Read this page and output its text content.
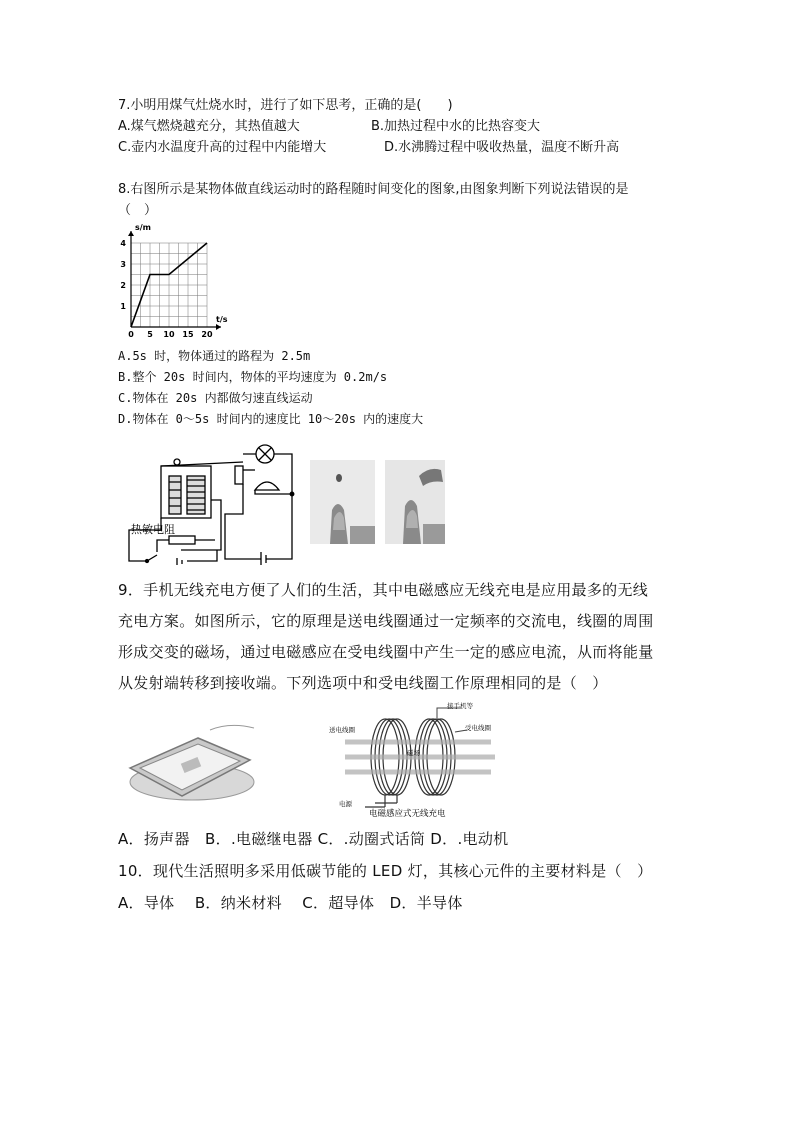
7.小明用煤气灶烧水时，进行了如下思考，正确的是(　　)
A.煤气燃烧越充分，其热值越大	B.加热过程中水的比热容变大
C.壶内水温度升高的过程中内能增大	D.水沸腾过程中吸收热量，温度不断升高
8.右图所示是某物体做直线运动时的路程随时间变化的图象,由图象判断下列说法错误的是
（　）
0 5 10 15 20
1
2
3
4
s/m
t/s
A.5s 时，物体通过的路程为 2.5m
B.整个 20s 时间内，物体的平均速度为 0.2m/s
C.物体在 20s 内都做匀速直线运动
D.物体在 0～5s 时间内的速度比 10～20s 内的速度大
热敏电阻
9．手机无线充电方便了人们的生活，其中电磁感应无线充电是应用最多的无线
充电方案。如图所示，它的原理是送电线圈通过一定频率的交流电，线圈的周围
形成交变的磁场，通过电磁感应在受电线圈中产生一定的感应电流，从而将能量
从发射端转移到接收端。下列选项中和受电线圈工作原理相同的是（　）
接手机等
送电线圈	受电线圈
磁场
电源
电磁感应式无线充电
A．扬声器　B．.电磁继电器 C．.动圈式话筒 D．.电动机
10．现代生活照明多采用低碳节能的 LED 灯，其核心元件的主要材料是（　）
A．导体　 B．纳米材料　 C．超导体　D．半导体
